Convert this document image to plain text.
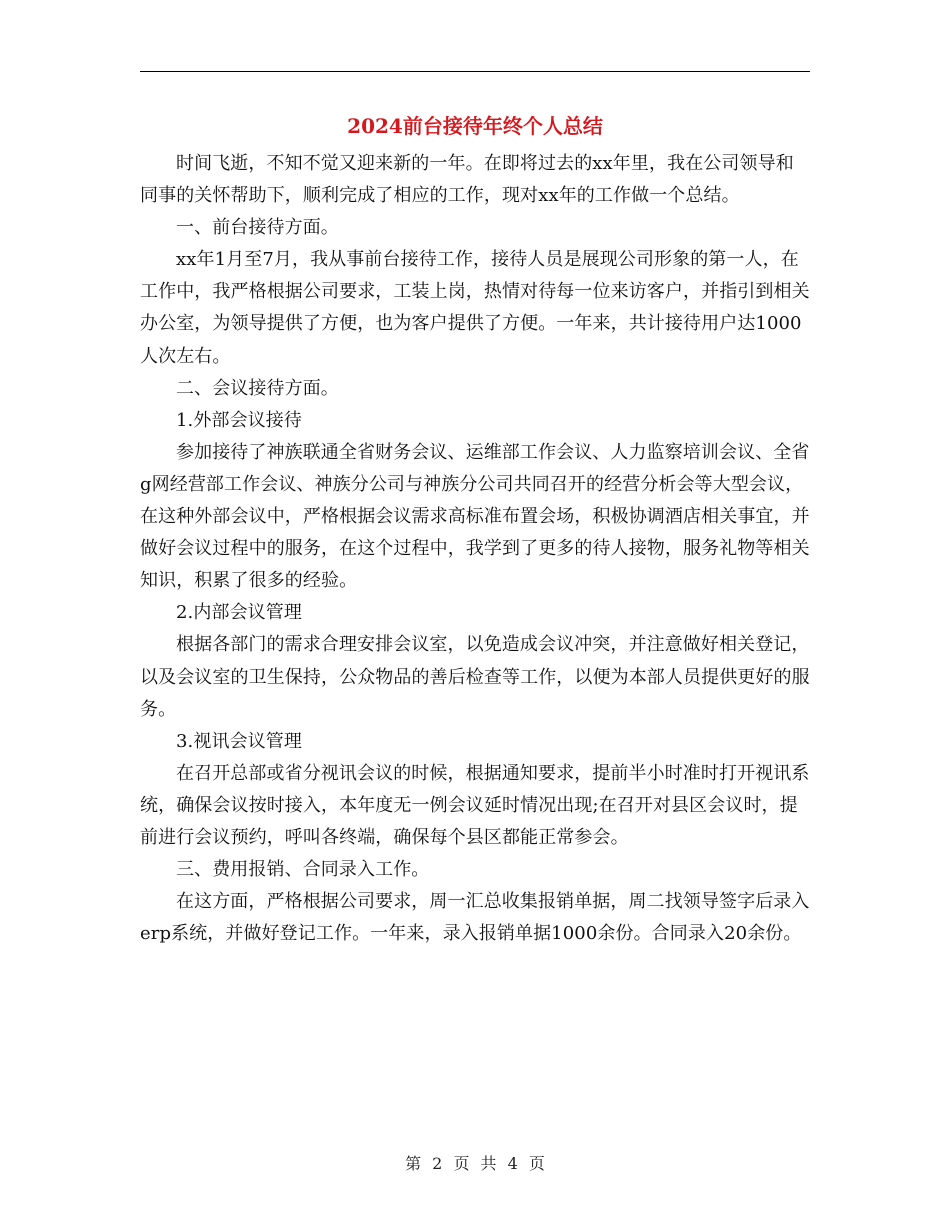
2024前台接待年终个人总结

时间飞逝，不知不觉又迎来新的一年。在即将过去的xx年里，我在公司领导和同事的关怀帮助下，顺利完成了相应的工作，现对xx年的工作做一个总结。

一、前台接待方面。

xx年1月至7月，我从事前台接待工作，接待人员是展现公司形象的第一人，在工作中，我严格根据公司要求，工装上岗，热情对待每一位来访客户，并指引到相关办公室，为领导提供了方便，也为客户提供了方便。一年来，共计接待用户达1000人次左右。

二、会议接待方面。

1.外部会议接待

参加接待了神族联通全省财务会议、运维部工作会议、人力监察培训会议、全省g网经营部工作会议、神族分公司与神族分公司共同召开的经营分析会等大型会议，在这种外部会议中，严格根据会议需求高标准布置会场，积极协调酒店相关事宜，并做好会议过程中的服务，在这个过程中，我学到了更多的待人接物，服务礼物等相关知识，积累了很多的经验。

2.内部会议管理

根据各部门的需求合理安排会议室，以免造成会议冲突，并注意做好相关登记，以及会议室的卫生保持，公众物品的善后检查等工作，以便为本部人员提供更好的服务。

3.视讯会议管理

在召开总部或省分视讯会议的时候，根据通知要求，提前半小时准时打开视讯系统，确保会议按时接入，本年度无一例会议延时情况出现;在召开对县区会议时，提前进行会议预约，呼叫各终端，确保每个县区都能正常参会。

三、费用报销、合同录入工作。

在这方面，严格根据公司要求，周一汇总收集报销单据，周二找领导签字后录入erp系统，并做好登记工作。一年来，录入报销单据1000余份。合同录入20余份。

第 2 页 共 4 页
